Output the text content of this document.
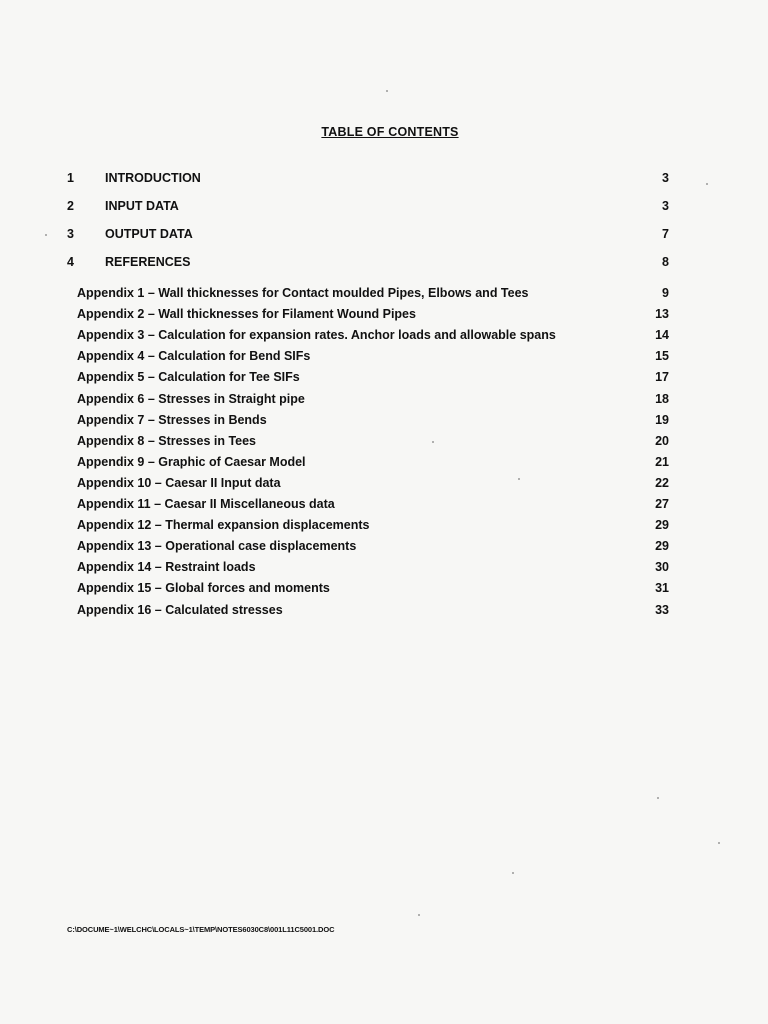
TABLE OF CONTENTS
1 INTRODUCTION	3
2 INPUT DATA	3
3 OUTPUT DATA	7
4 REFERENCES	8
Appendix 1 – Wall thicknesses for Contact moulded Pipes, Elbows and Tees	9
Appendix 2 – Wall thicknesses for Filament Wound Pipes	13
Appendix 3 – Calculation for expansion rates. Anchor loads and allowable spans	14
Appendix 4 – Calculation for Bend SIFs	15
Appendix 5 – Calculation for Tee SIFs	17
Appendix 6 – Stresses in Straight pipe	18
Appendix 7 – Stresses in Bends	19
Appendix 8 – Stresses in Tees	20
Appendix 9 – Graphic of Caesar Model	21
Appendix 10 – Caesar II Input data	22
Appendix 11 – Caesar II Miscellaneous data	27
Appendix 12 – Thermal expansion displacements	29
Appendix 13 – Operational case displacements	29
Appendix 14 – Restraint loads	30
Appendix 15 – Global forces and moments	31
Appendix 16 – Calculated stresses	33
C:\DOCUME~1\WELCHC\LOCALS~1\TEMP\NOTES6030C8\001L11C5001.DOC
